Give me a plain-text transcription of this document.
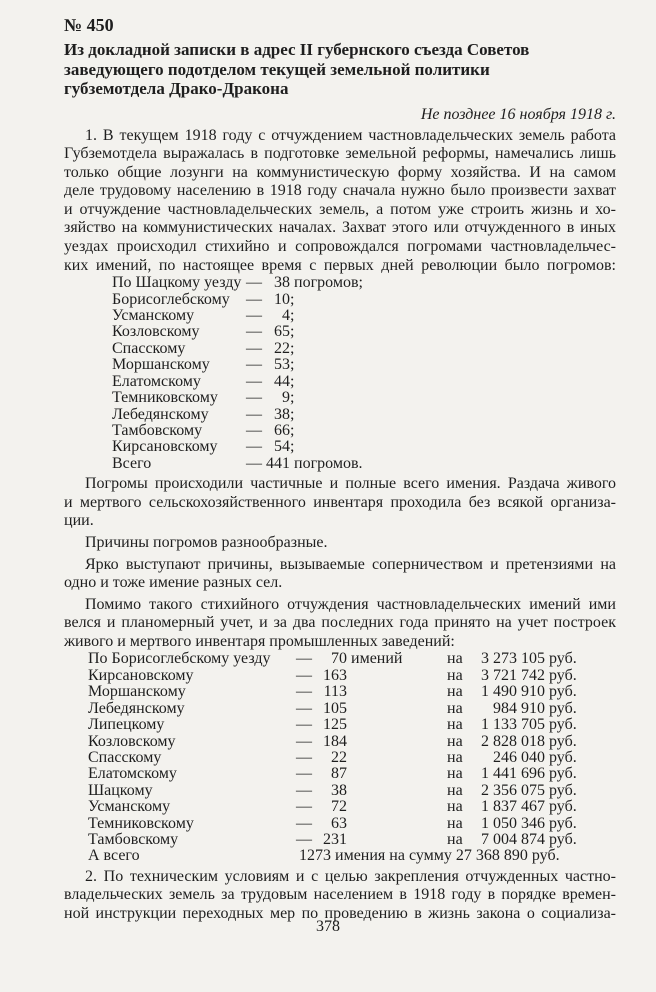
№ 450
Из докладной записки в адрес II губернского съезда Советов
заведующего подотделом текущей земельной политики
губземотдела Драко-Дракона
Не позднее 16 ноября 1918 г.
1. В текущем 1918 году с отчуждением частновладельческих земель работа
Губземотдела выражалась в подготовке земельной реформы, намечались лишь
только общие лозунги на коммунистическую форму хозяйства. И на самом
деле трудовому населению в 1918 году сначала нужно было произвести захват
и отчуждение частновладельческих земель, а потом уже строить жизнь и хо-
зяйство на коммунистических началах. Захват этого или отчужденного в иных
уездах происходил стихийно и сопровождался погромами частновладельчес-
ких имений, по настоящее время с первых дней революции было погромов:
По Шацкому уезду	—	38	погромов;
Борисоглебскому	—	10	;
Усманскому	—	4	;
Козловскому	—	65	;
Спасскому	—	22	;
Моршанскому	—	53	;
Елатомскому	—	44	;
Темниковскому	—	9	;
Лебедянскому	—	38	;
Тамбовскому	—	66	;
Кирсановскому	—	54	;
Всего	—	441	погромов.
Погромы происходили частичные и полные всего имения. Раздача живого
и мертвого сельскохозяйственного инвентаря проходила без всякой организа-
ции.
Причины погромов разнообразные.
Ярко выступают причины, вызываемые соперничеством и претензиями на
одно и тоже имение разных сел.
Помимо такого стихийного отчуждения частновладельческих имений ими
велся и планомерный учет, и за два последних года принято на учет построек
живого и мертвого инвентаря промышленных заведений:
По Борисоглебскому уезду	—	70	имений	на	3 273 105	руб.
Кирсановскому	—	163		на	3 721 742	руб.
Моршанскому	—	113		на	1 490 910	руб.
Лебедянскому	—	105		на	984 910	руб.
Липецкому	—	125		на	1 133 705	руб.
Козловскому	—	184		на	2 828 018	руб.
Спасскому	—	22		на	246 040	руб.
Елатомскому	—	87		на	1 441 696	руб.
Шацкому	—	38		на	2 356 075	руб.
Усманскому	—	72		на	1 837 467	руб.
Темниковскому	—	63		на	1 050 346	руб.
Тамбовскому	—	231		на	7 004 874	руб.
А всего	1273 имения на сумму 27 368 890 руб.					
2. По техническим условиям и с целью закрепления отчужденных частно-
владельческих земель за трудовым населением в 1918 году в порядке времен-
ной инструкции переходных мер по проведению в жизнь закона о социализа-
378
